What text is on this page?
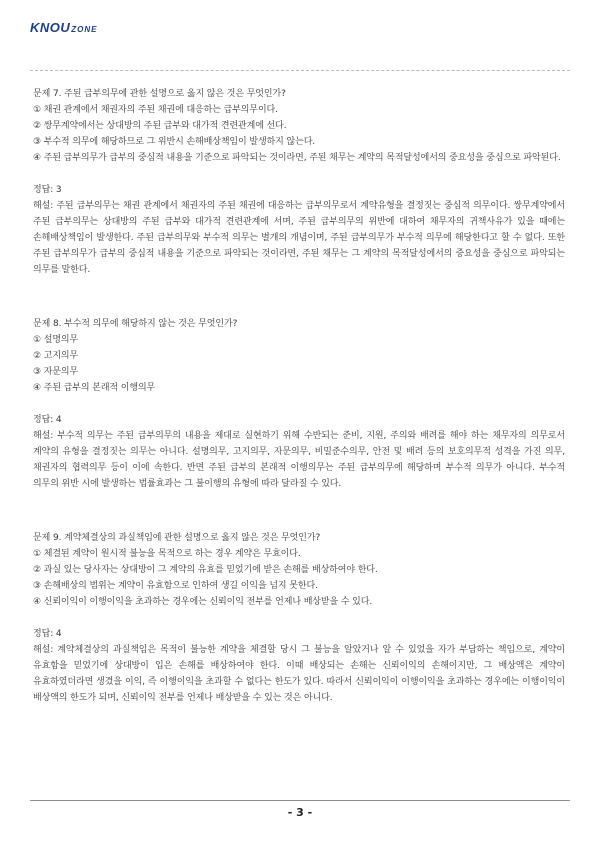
KNOU ZONE

문제 7. 주된 급부의무에 관한 설명으로 옳지 않은 것은 무엇인가?

① 채권 관계에서 채권자의 주된 채권에 대응하는 급부의무이다.

② 쌍무계약에서는 상대방의 주된 급부와 대가적 견련관계에 선다.

③ 부수적 의무에 해당하므로 그 위반시 손해배상책임이 발생하지 않는다.

④ 주된 급부의무가 급부의 중심적 내용을 기준으로 파악되는 것이라면, 주된 채무는 계약의 목적달성에서의 중요성을 중심으로 파악된다.

정답: 3

해설: 주된 급부의무는 채권 관계에서 채권자의 주된 채권에 대응하는 급부의무로서 계약유형을 결정짓는 중심적 의무이다. 쌍무계약에서 주된 급부의무는 상대방의 주된 급부와 대가적 견련관계에 서며, 주된 급부의무의 위반에 대하여 채무자의 귀책사유가 있을 때에는 손해배상책임이 발생한다. 주된 급부의무와 부수적 의무는 별개의 개념이며, 주된 급부의무가 부수적 의무에 해당한다고 할 수 없다. 또한 주된 급부의무가 급부의 중심적 내용을 기준으로 파악되는 것이라면, 주된 채무는 그 계약의 목적달성에서의 중요성을 중심으로 파악되는 의무를 말한다.

문제 8. 부수적 의무에 해당하지 않는 것은 무엇인가?

① 설명의무

② 고지의무

③ 자문의무

④ 주된 급부의 본래적 이행의무

정답: 4

해설: 부수적 의무는 주된 급부의무의 내용을 제대로 실현하기 위해 수반되는 준비, 지원, 주의와 배려를 해야 하는 채무자의 의무로서 계약의 유형을 결정짓는 의무는 아니다. 설명의무, 고지의무, 자문의무, 비밀준수의무, 안전 및 배려 등의 보호의무적 성격을 가진 의무, 채권자의 협력의무 등이 이에 속한다. 반면 주된 급부의 본래적 이행의무는 주된 급부의무에 해당하며 부수적 의무가 아니다. 부수적 의무의 위반 시에 발생하는 법률효과는 그 불이행의 유형에 따라 달라질 수 있다.

문제 9. 계약체결상의 과실책임에 관한 설명으로 옳지 않은 것은 무엇인가?

① 체결된 계약이 원시적 불능을 목적으로 하는 경우 계약은 무효이다.

② 과실 있는 당사자는 상대방이 그 계약의 유효를 믿었기에 받은 손해를 배상하여야 한다.

③ 손해배상의 범위는 계약이 유효함으로 인하여 생길 이익을 넘지 못한다.

④ 신뢰이익이 이행이익을 초과하는 경우에는 신뢰이익 전부를 언제나 배상받을 수 있다.

정답: 4

해설: 계약체결상의 과실책임은 목적이 불능한 계약을 체결할 당시 그 불능을 알았거나 알 수 있었을 자가 부담하는 책임으로, 계약이 유효함을 믿었기에 상대방이 입은 손해를 배상하여야 한다. 이때 배상되는 손해는 신뢰이익의 손해이지만, 그 배상액은 계약이 유효하였더라면 생겼을 이익, 즉 이행이익을 초과할 수 없다는 한도가 있다. 따라서 신뢰이익이 이행이익을 초과하는 경우에는 이행이익이 배상액의 한도가 되며, 신뢰이익 전부를 언제나 배상받을 수 있는 것은 아니다.

- 3 -
